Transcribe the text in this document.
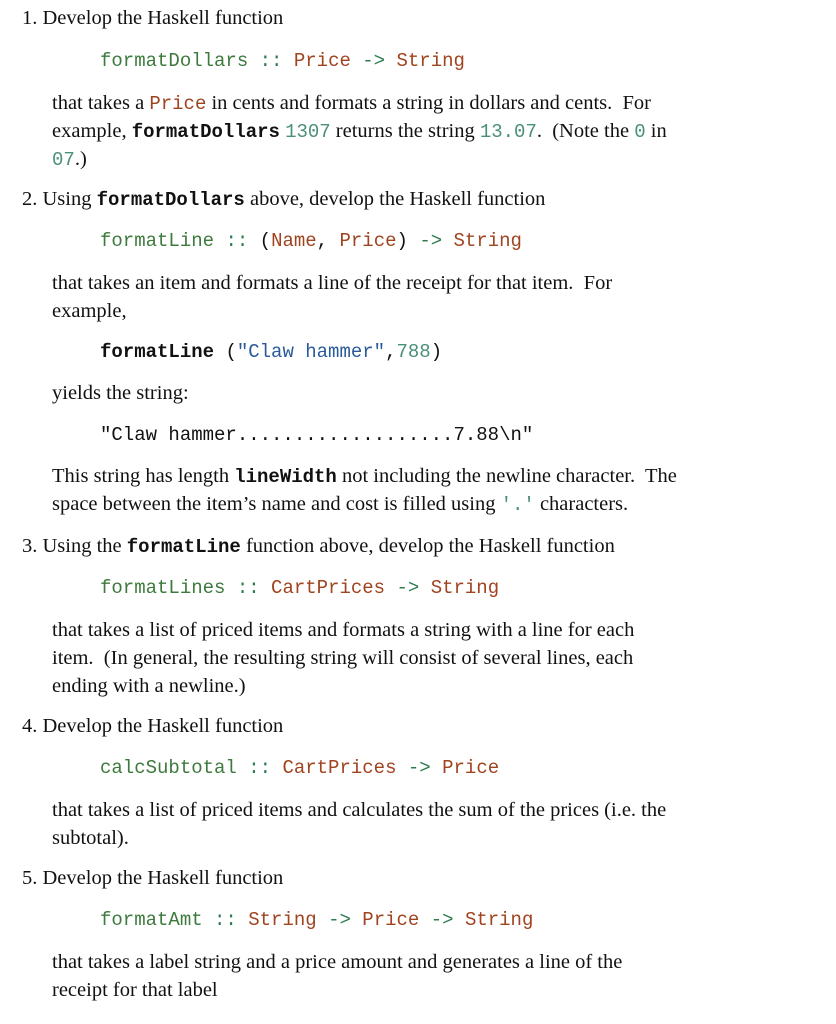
1. Develop the Haskell function
formatDollars :: Price -> String
that takes a Price in cents and formats a string in dollars and cents.  For
example, formatDollars 1307 returns the string 13.07.  (Note the 0 in
07.)
2. Using formatDollars above, develop the Haskell function
formatLine :: (Name, Price) -> String
that takes an item and formats a line of the receipt for that item.  For
example,
formatLine ("Claw hammer",788)
yields the string:
"Claw hammer...................7.88\n"
This string has length lineWidth not including the newline character.  The
space between the item’s name and cost is filled using '.' characters.
3. Using the formatLine function above, develop the Haskell function
formatLines :: CartPrices -> String
that takes a list of priced items and formats a string with a line for each
item.  (In general, the resulting string will consist of several lines, each
ending with a newline.)
4. Develop the Haskell function
calcSubtotal :: CartPrices -> Price
that takes a list of priced items and calculates the sum of the prices (i.e. the
subtotal).
5. Develop the Haskell function
formatAmt :: String -> Price -> String
that takes a label string and a price amount and generates a line of the
receipt for that label
